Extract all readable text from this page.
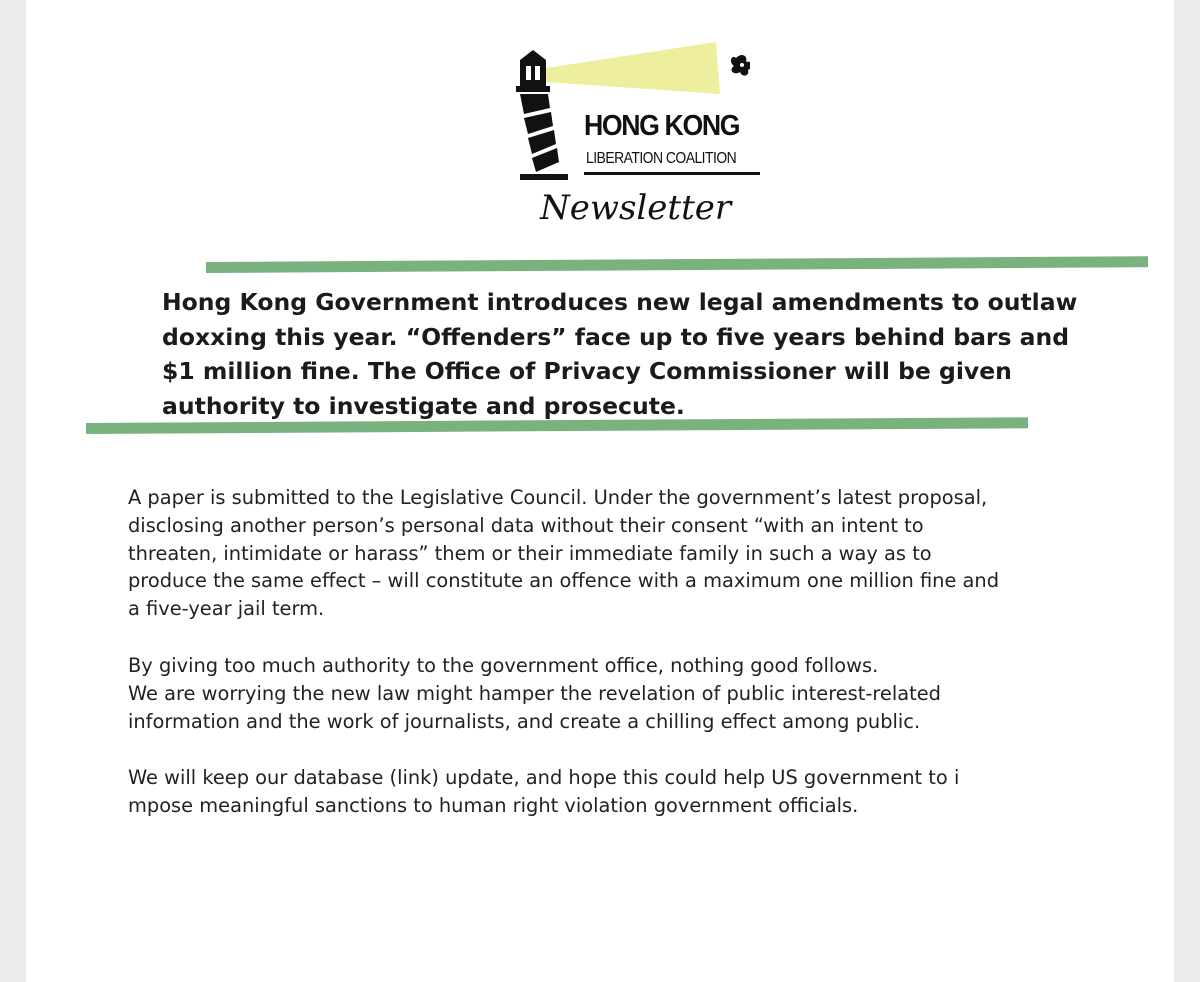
HONG KONG
LIBERATION COALITION
Newsletter

Hong Kong Government introduces new legal amendments to outlaw
doxxing this year. “Offenders” face up to five years behind bars and
$1 million fine. The Office of Privacy Commissioner will be given
authority to investigate and prosecute.

A paper is submitted to the Legislative Council. Under the government’s latest proposal,
disclosing another person’s personal data without their consent “with an intent to
threaten, intimidate or harass” them or their immediate family in such a way as to
produce the same effect – will constitute an offence with a maximum one million fine and
a five-year jail term.

By giving too much authority to the government office, nothing good follows.
We are worrying the new law might hamper the revelation of public interest-related
information and the work of journalists, and create a chilling effect among public.

We will keep our database (link) update, and hope this could help US government to i
mpose meaningful sanctions to human right violation government officials.
